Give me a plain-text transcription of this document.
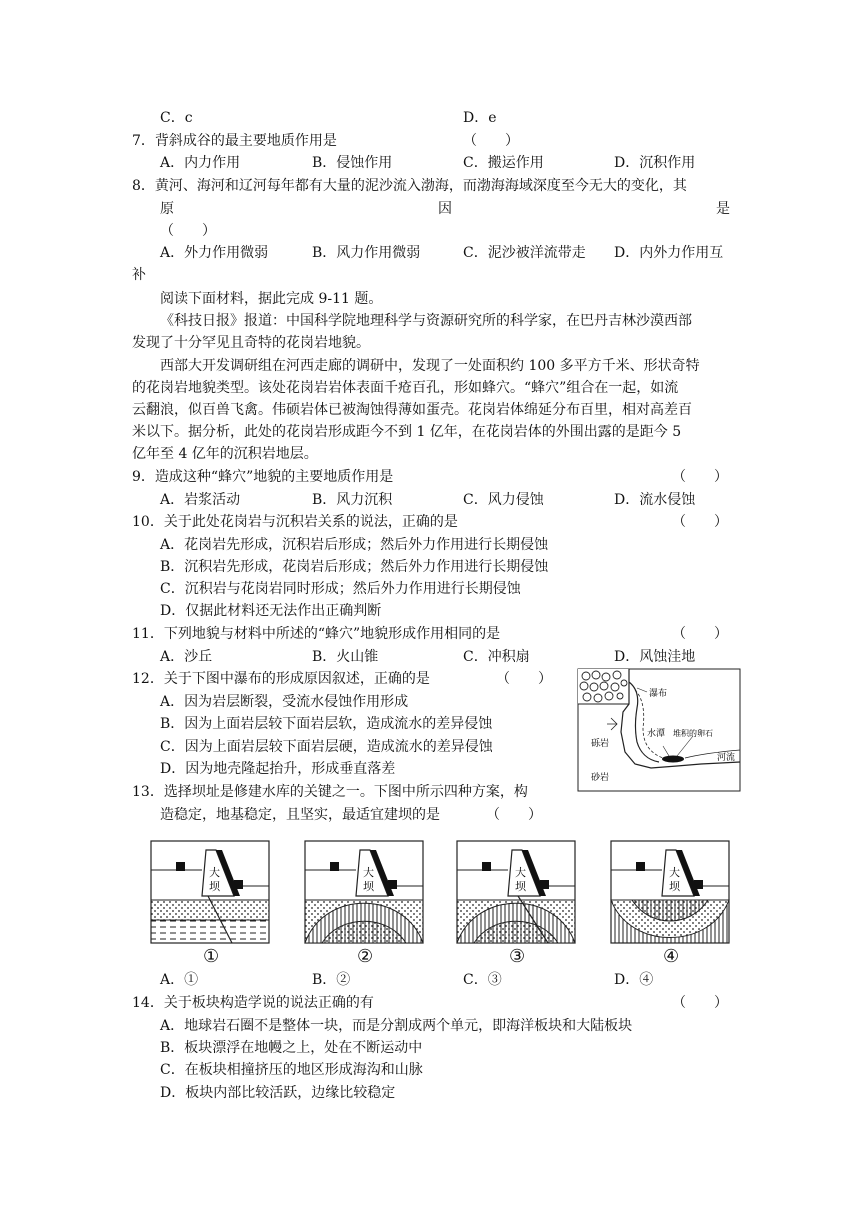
C．c	D．e
7．背斜成谷的最主要地质作用是	（　　）
A．内力作用	B．侵蚀作用	C．搬运作用	D．沉积作用
8．黄河、海河和辽河每年都有大量的泥沙流入渤海，而渤海海域深度至今无大的变化，其
原	因	是
（　　）
A．外力作用微弱	B．风力作用微弱	C．泥沙被洋流带走 D．内外力作用互
补
阅读下面材料，据此完成 9-11 题。
《科技日报》报道：中国科学院地理科学与资源研究所的科学家，在巴丹吉林沙漠西部
发现了十分罕见且奇特的花岗岩地貌。
西部大开发调研组在河西走廊的调研中，发现了一处面积约 100 多平方千米、形状奇特
的花岗岩地貌类型。该处花岗岩岩体表面千疮百孔，形如蜂穴。“蜂穴”组合在一起，如流
云翻浪，似百兽飞禽。伟硕岩体已被淘蚀得薄如蛋壳。花岗岩体绵延分布百里，相对高差百
米以下。据分析，此处的花岗岩形成距今不到 1 亿年，在花岗岩体的外围出露的是距今 5
亿年至 4 亿年的沉积岩地层。
9．造成这种“蜂穴”地貌的主要地质作用是	（　　）
A．岩浆活动	B．风力沉积	C．风力侵蚀	D．流水侵蚀
10．关于此处花岗岩与沉积岩关系的说法，正确的是	（　　）
A．花岗岩先形成，沉积岩后形成；然后外力作用进行长期侵蚀
B．沉积岩先形成，花岗岩后形成；然后外力作用进行长期侵蚀
C．沉积岩与花岗岩同时形成；然后外力作用进行长期侵蚀
D．仅据此材料还无法作出正确判断
11．下列地貌与材料中所述的“蜂穴”地貌形成作用相同的是	（　　）
A．沙丘	B．火山锥	C．冲积扇	D．风蚀洼地
12．关于下图中瀑布的形成原因叙述，正确的是	（　　）
A．因为岩层断裂，受流水侵蚀作用形成
B．因为上面岩层较下面岩层软，造成流水的差异侵蚀
C．因为上面岩层较下面岩层硬，造成流水的差异侵蚀
D．因为地壳隆起抬升，形成垂直落差
瀑布
水潭 堆积的卵石
砾岩
砂岩
河流
13．选择坝址是修建水库的关键之一。下图中所示四种方案，构
造稳定，地基稳定，且坚实，最适宜建坝的是	（　　）
大
坝
大
坝
大
坝
大
坝
①	②	③	④
A．①	B．②	C．③	D．④
14．关于板块构造学说的说法正确的有	（　　）
A．地球岩石圈不是整体一块，而是分割成两个单元，即海洋板块和大陆板块
B．板块漂浮在地幔之上，处在不断运动中
C．在板块相撞挤压的地区形成海沟和山脉
D．板块内部比较活跃，边缘比较稳定
